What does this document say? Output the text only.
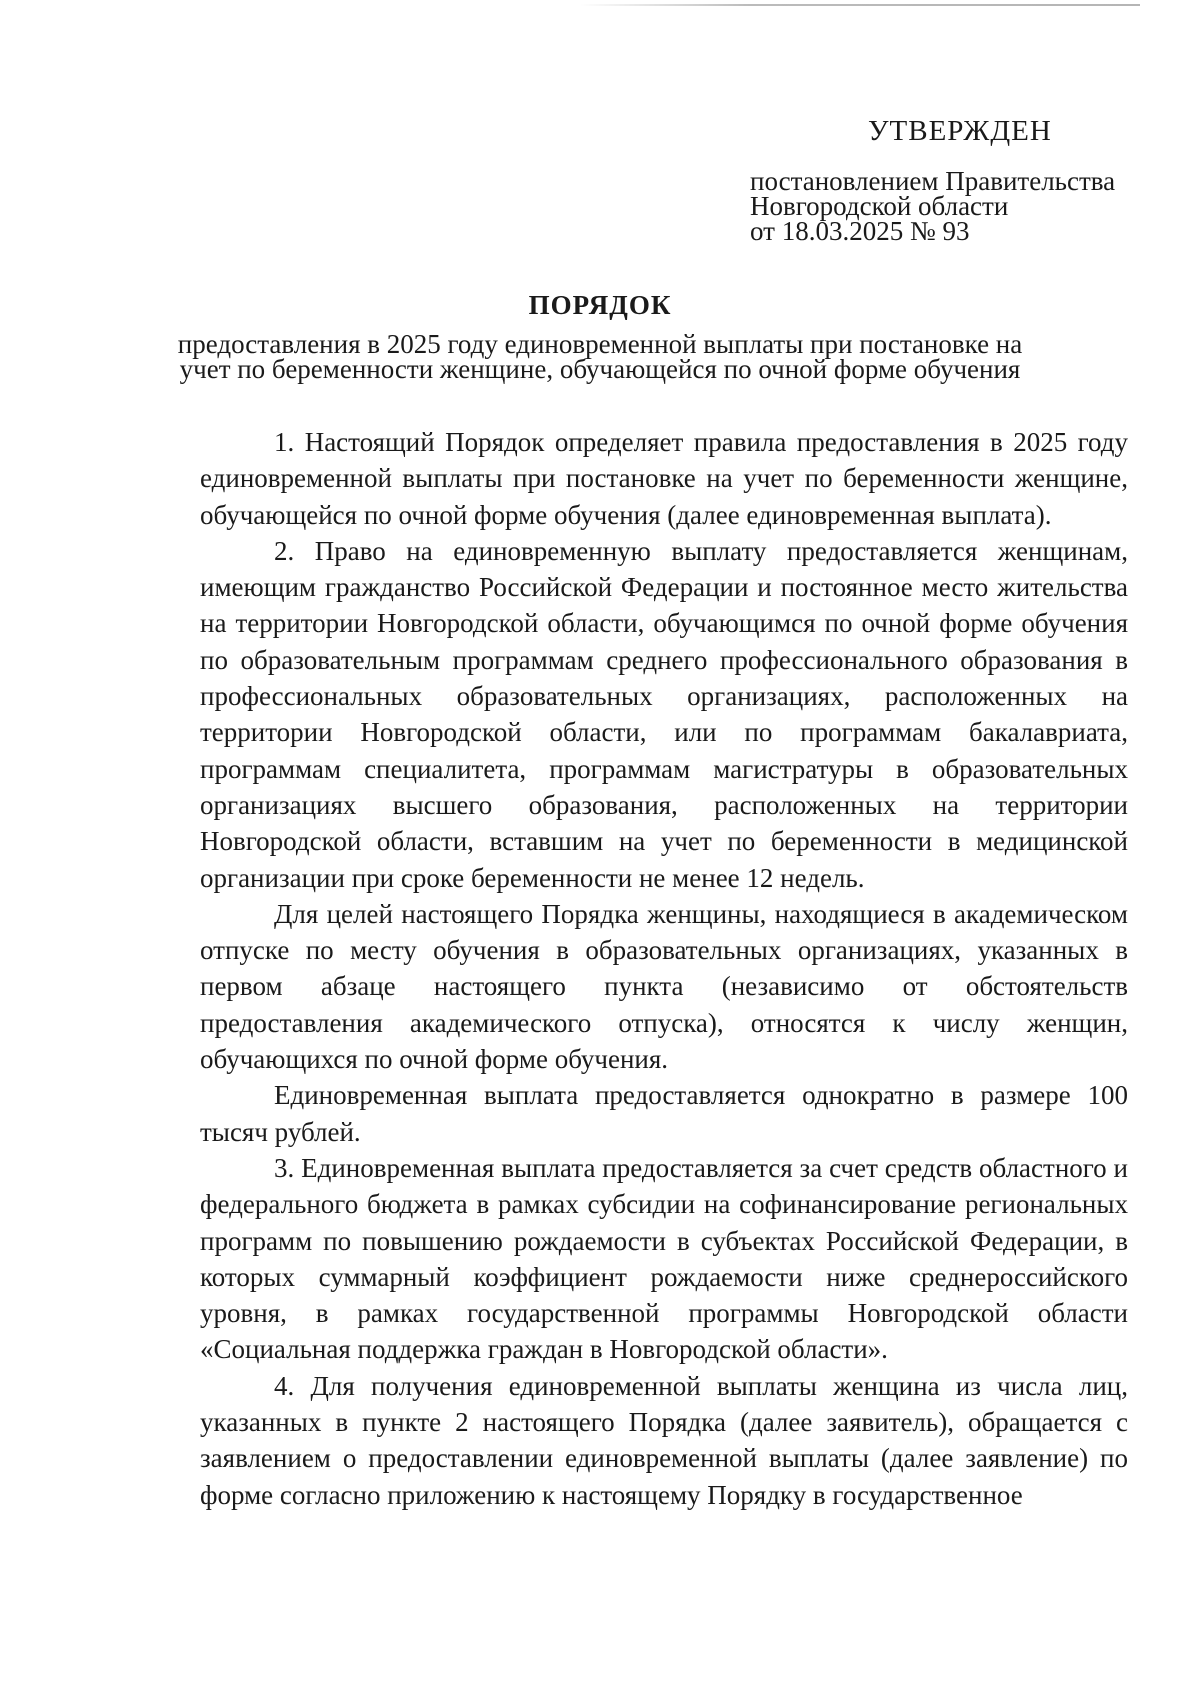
УТВЕРЖДЕН
постановлением Правительства
Новгородской области
от 18.03.2025 № 93
ПОРЯДОК
предоставления в 2025 году единовременной выплаты при постановке на
учет по беременности женщине, обучающейся по очной форме обучения

1. Настоящий Порядок определяет правила предоставления в 2025 году единовременной выплаты при постановке на учет по беременности женщине, обучающейся по очной форме обучения (далее единовременная выплата).

2. Право на единовременную выплату предоставляется женщинам, имеющим гражданство Российской Федерации и постоянное место жительства на территории Новгородской области, обучающимся по очной форме обучения по образовательным программам среднего профессионального образования в профессиональных образовательных организациях, расположенных на территории Новгородской области, или по программам бакалавриата, программам специалитета, программам магистратуры в образовательных организациях высшего образования, расположенных на территории Новгородской области, вставшим на учет по беременности в медицинской организации при сроке беременности не менее 12 недель.

Для целей настоящего Порядка женщины, находящиеся в академическом отпуске по месту обучения в образовательных организациях, указанных в первом абзаце настоящего пункта (независимо от обстоятельств предоставления академического отпуска), относятся к числу женщин, обучающихся по очной форме обучения.

Единовременная выплата предоставляется однократно в размере 100 тысяч рублей.

3. Единовременная выплата предоставляется за счет средств областного и федерального бюджета в рамках субсидии на софинансирование региональных программ по повышению рождаемости в субъектах Российской Федерации, в которых суммарный коэффициент рождаемости ниже среднероссийского уровня, в рамках государственной программы Новгородской области «Социальная поддержка граждан в Новгородской области».

4. Для получения единовременной выплаты женщина из числа лиц, указанных в пункте 2 настоящего Порядка (далее заявитель), обращается с заявлением о предоставлении единовременной выплаты (далее заявление) по форме согласно приложению к настоящему Порядку в государственное
